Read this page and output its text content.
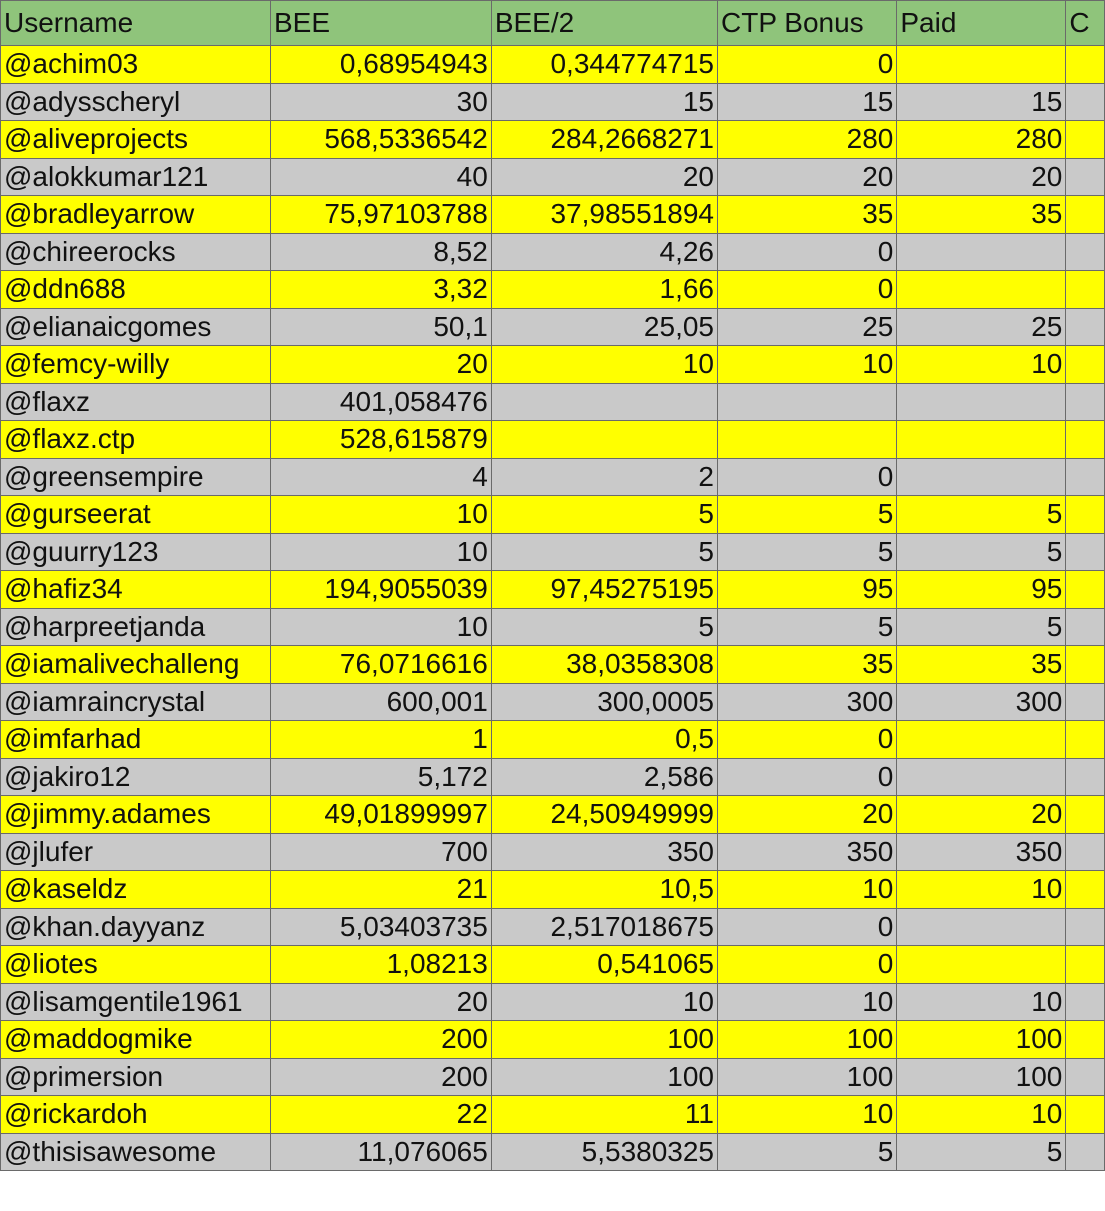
Username	BEE	BEE/2	CTP Bonus	Paid	C
@achim03	0,68954943	0,344774715	0		
@adysscheryl	30	15	15	15	
@aliveprojects	568,5336542	284,2668271	280	280	
@alokkumar121	40	20	20	20	
@bradleyarrow	75,97103788	37,98551894	35	35	
@chireerocks	8,52	4,26	0		
@ddn688	3,32	1,66	0		
@elianaicgomes	50,1	25,05	25	25	
@femcy-willy	20	10	10	10	
@flaxz	401,058476				
@flaxz.ctp	528,615879				
@greensempire	4	2	0		
@gurseerat	10	5	5	5	
@guurry123	10	5	5	5	
@hafiz34	194,9055039	97,45275195	95	95	
@harpreetjanda	10	5	5	5	
@iamalivechalleng	76,0716616	38,0358308	35	35	
@iamraincrystal	600,001	300,0005	300	300	
@imfarhad	1	0,5	0		
@jakiro12	5,172	2,586	0		
@jimmy.adames	49,01899997	24,50949999	20	20	
@jlufer	700	350	350	350	
@kaseldz	21	10,5	10	10	
@khan.dayyanz	5,03403735	2,517018675	0		
@liotes	1,08213	0,541065	0		
@lisamgentile1961	20	10	10	10	
@maddogmike	200	100	100	100	
@primersion	200	100	100	100	
@rickardoh	22	11	10	10	
@thisisawesome	11,076065	5,5380325	5	5	
